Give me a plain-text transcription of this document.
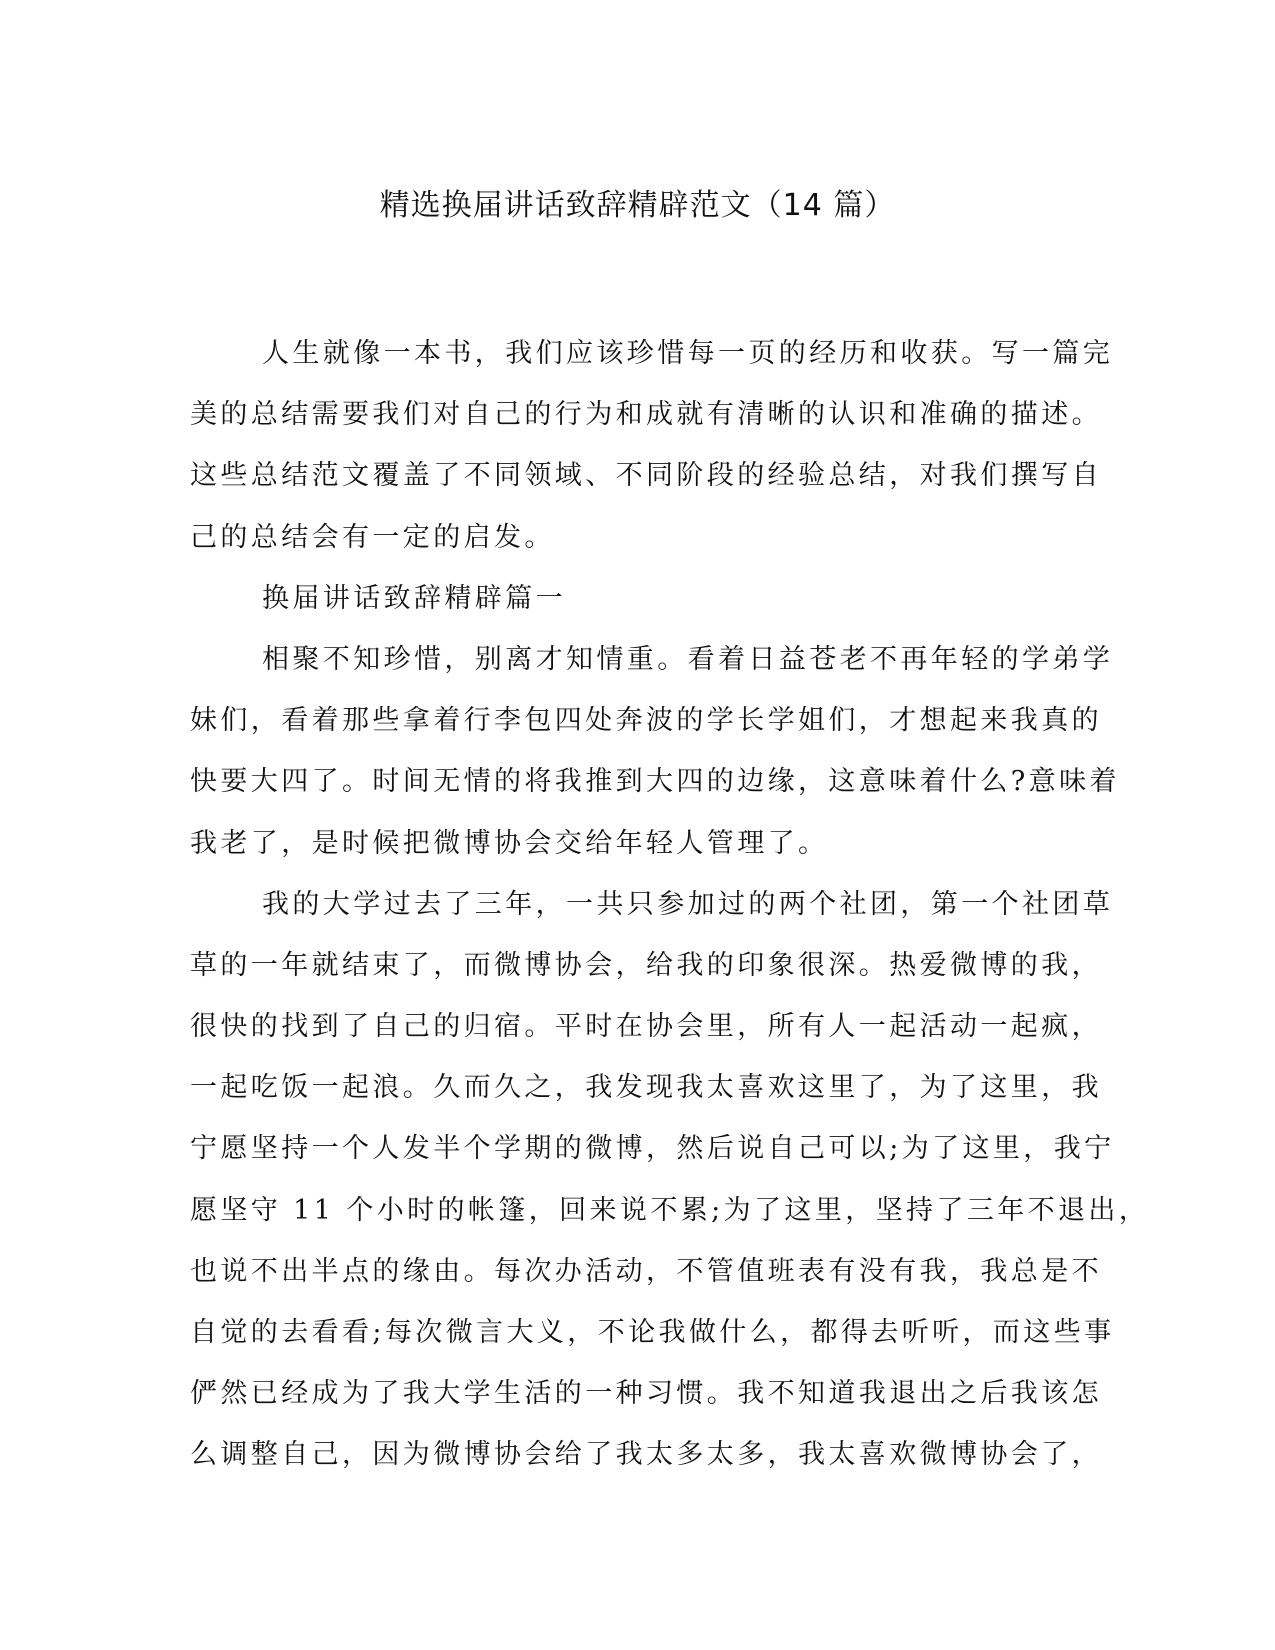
精选换届讲话致辞精辟范文（14 篇）
人生就像一本书，我们应该珍惜每一页的经历和收获。写一篇完
美的总结需要我们对自己的行为和成就有清晰的认识和准确的描述。
这些总结范文覆盖了不同领域、不同阶段的经验总结，对我们撰写自
己的总结会有一定的启发。
换届讲话致辞精辟篇一
相聚不知珍惜，别离才知情重。看着日益苍老不再年轻的学弟学
妹们，看着那些拿着行李包四处奔波的学长学姐们，才想起来我真的
快要大四了。时间无情的将我推到大四的边缘，这意味着什么?意味着
我老了，是时候把微博协会交给年轻人管理了。
我的大学过去了三年，一共只参加过的两个社团，第一个社团草
草的一年就结束了，而微博协会，给我的印象很深。热爱微博的我，
很快的找到了自己的归宿。平时在协会里，所有人一起活动一起疯，
一起吃饭一起浪。久而久之，我发现我太喜欢这里了，为了这里，我
宁愿坚持一个人发半个学期的微博，然后说自己可以;为了这里，我宁
愿坚守 11 个小时的帐篷，回来说不累;为了这里，坚持了三年不退出，
也说不出半点的缘由。每次办活动，不管值班表有没有我，我总是不
自觉的去看看;每次微言大义，不论我做什么，都得去听听，而这些事
俨然已经成为了我大学生活的一种习惯。我不知道我退出之后我该怎
么调整自己，因为微博协会给了我太多太多，我太喜欢微博协会了，
